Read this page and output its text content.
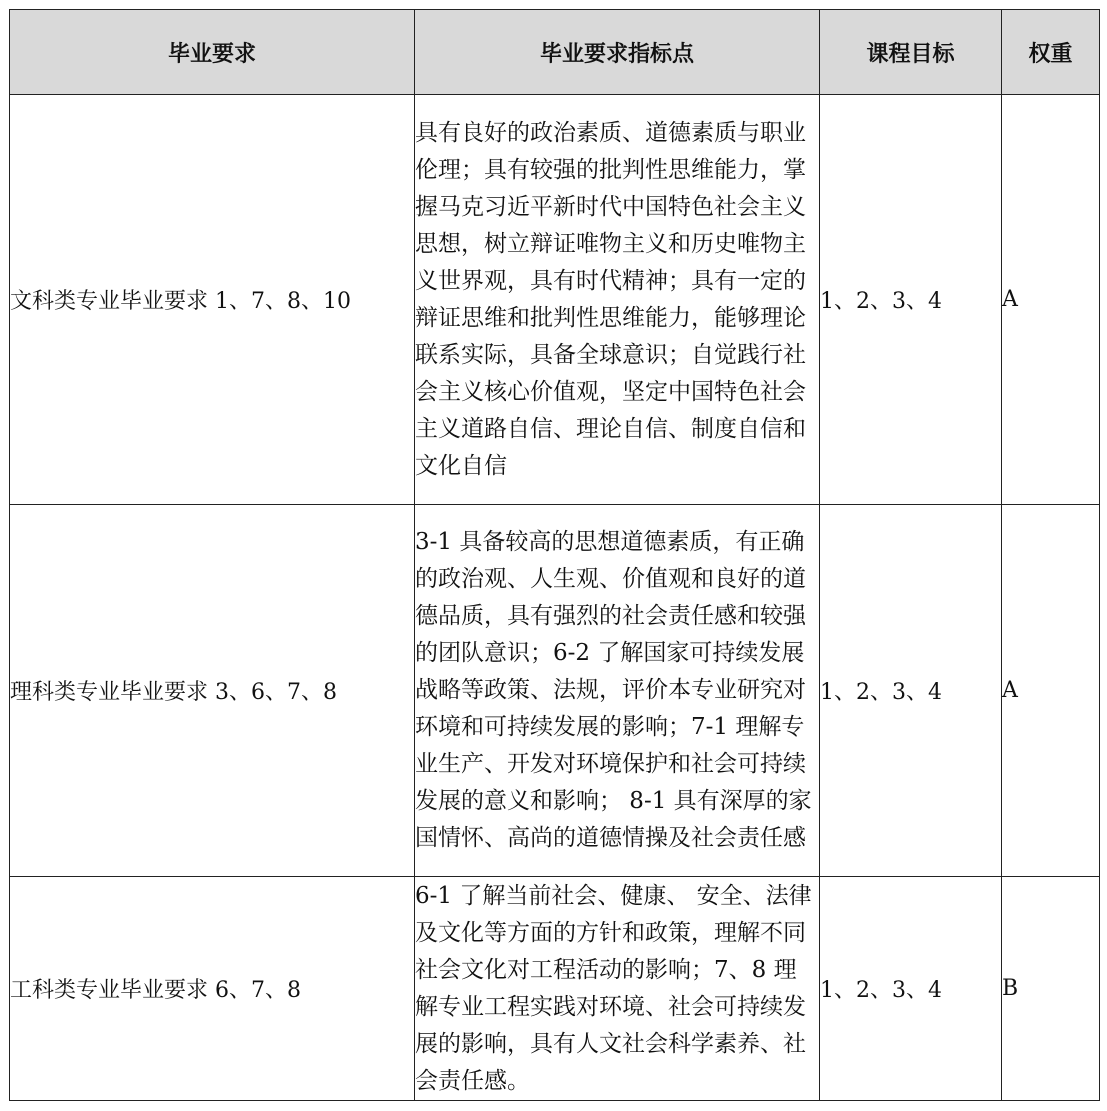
毕业要求	毕业要求指标点	课程目标	权重
文科类专业毕业要求 1、7、8、10	具有良好的政治素质、道德素质与职业伦理；具有较强的批判性思维能力，掌握马克习近平新时代中国特色社会主义思想，树立辩证唯物主义和历史唯物主义世界观，具有时代精神；具有一定的辩证思维和批判性思维能力，能够理论联系实际，具备全球意识；自觉践行社会主义核心价值观，坚定中国特色社会主义道路自信、理论自信、制度自信和文化自信	1、2、3、4	A
理科类专业毕业要求 3、6、7、8	3-1 具备较高的思想道德素质，有正确的政治观、人生观、价值观和良好的道德品质，具有强烈的社会责任感和较强的团队意识；6-2 了解国家可持续发展战略等政策、法规，评价本专业研究对环境和可持续发展的影响；7-1 理解专业生产、开发对环境保护和社会可持续发展的意义和影响； 8-1 具有深厚的家国情怀、高尚的道德情操及社会责任感	1、2、3、4	A
工科类专业毕业要求 6、7、8	6-1 了解当前社会、健康、 安全、法律及文化等方面的方针和政策，理解不同社会文化对工程活动的影响；7、8 理解专业工程实践对环境、社会可持续发展的影响，具有人文社会科学素养、社会责任感。	1、2、3、4	B
